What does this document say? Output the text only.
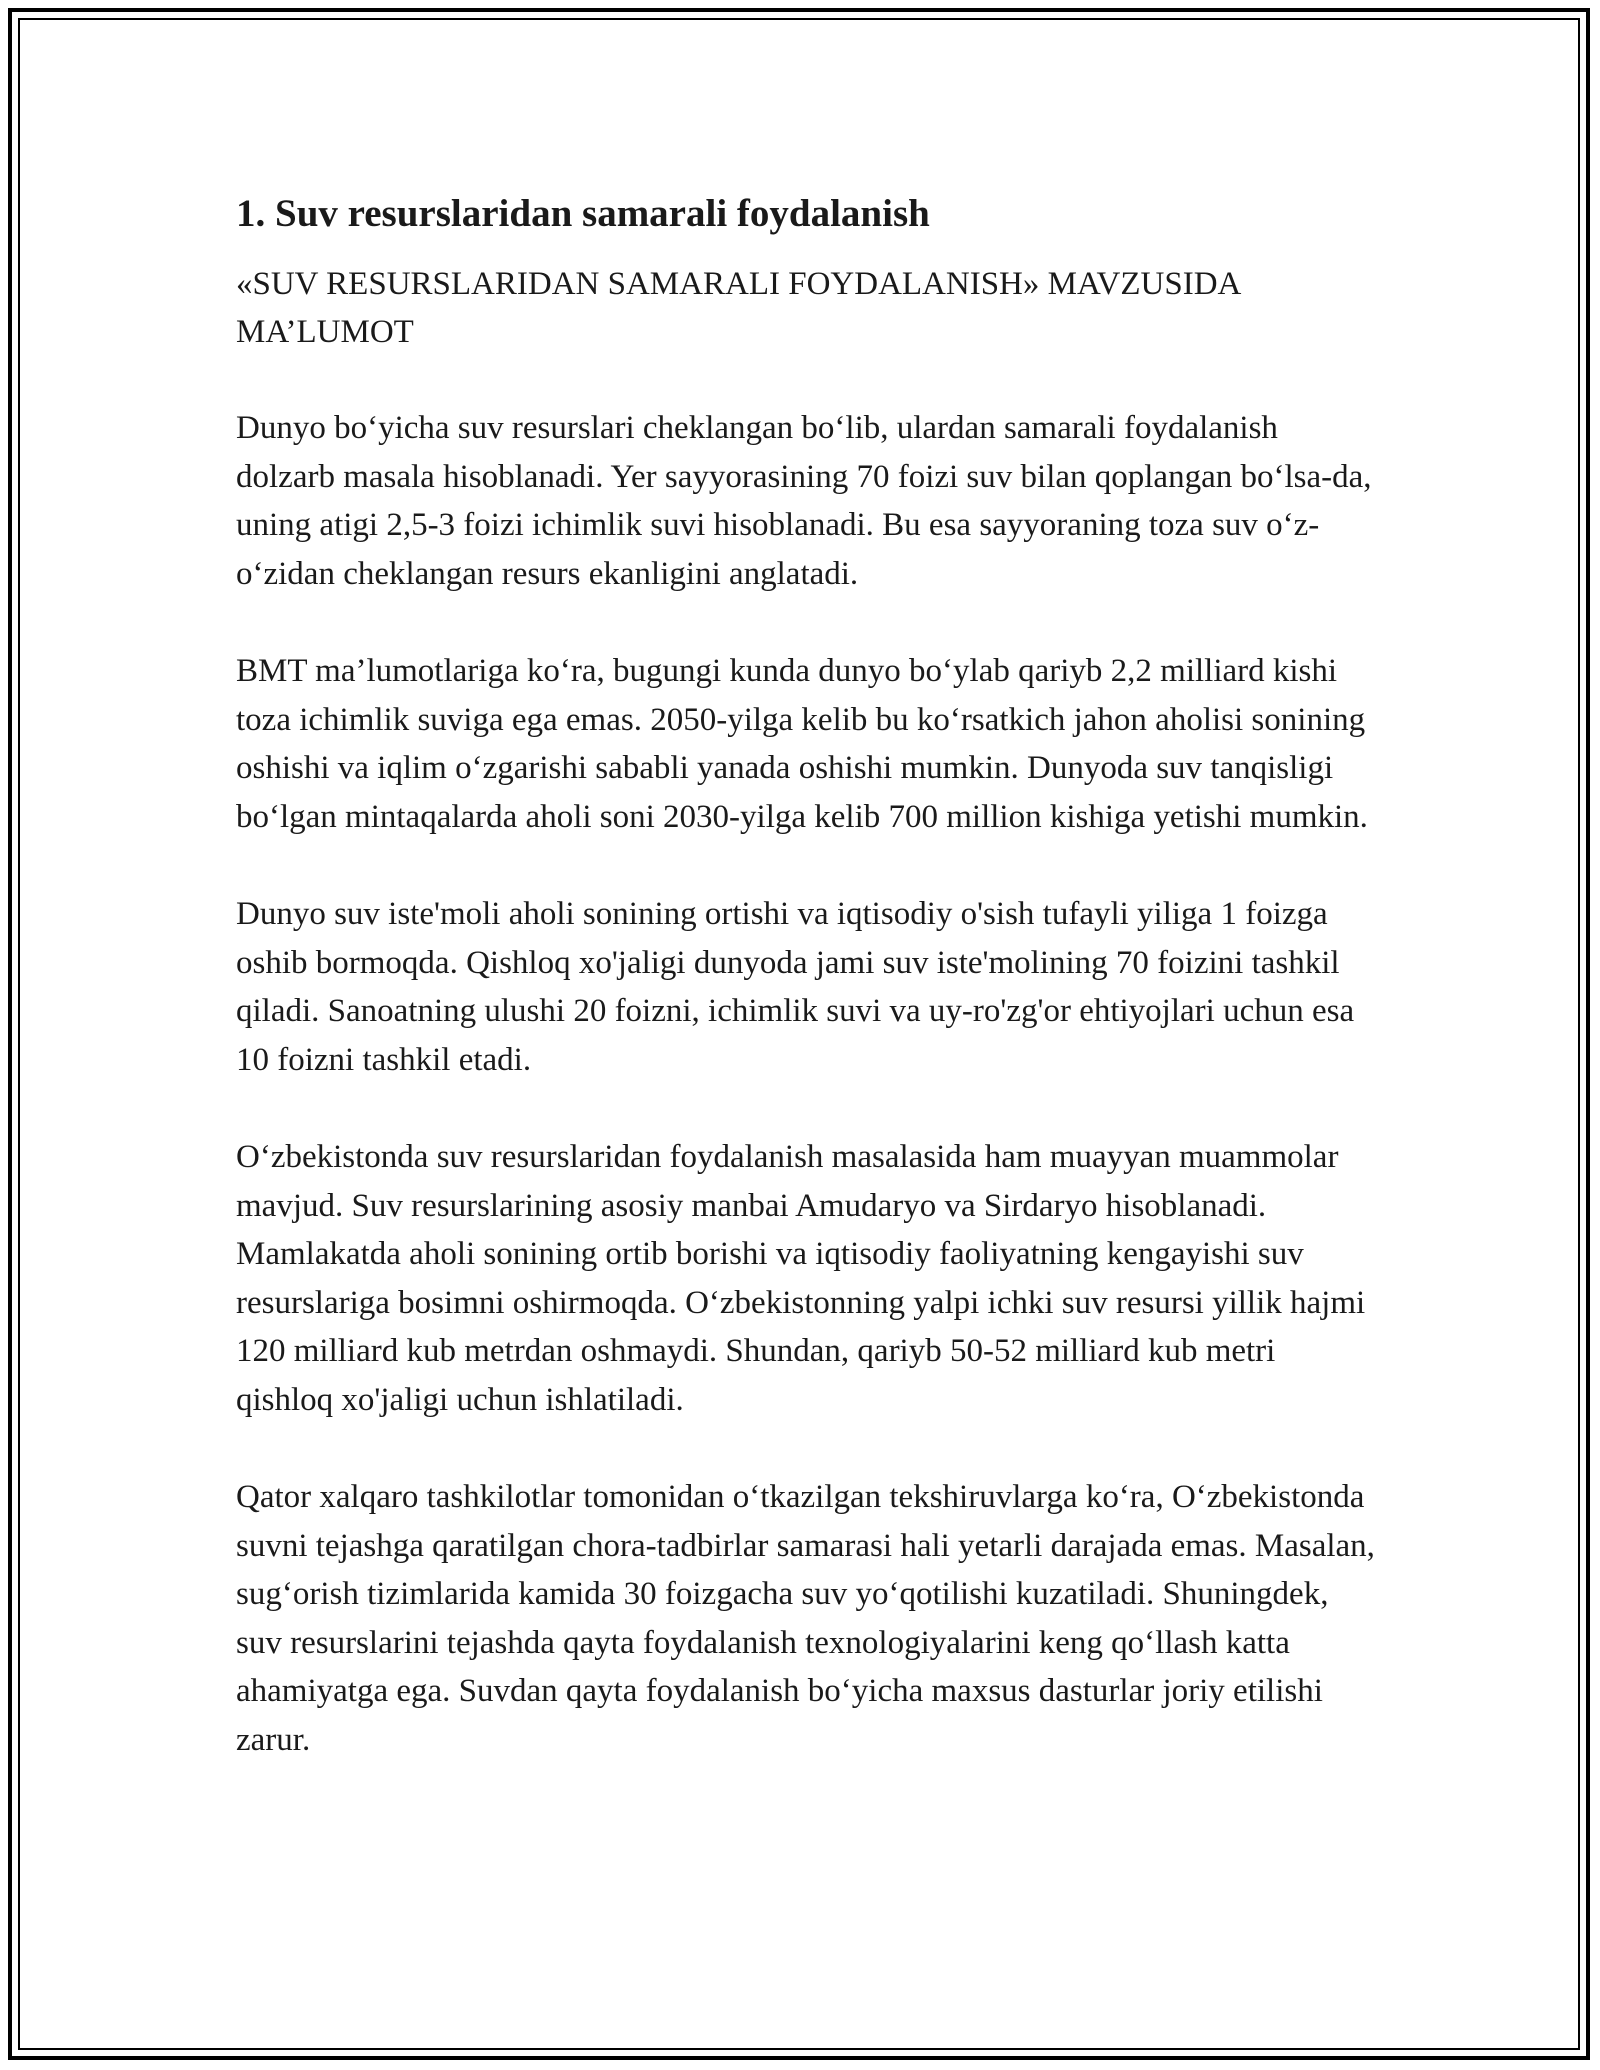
1. Suv resurslaridan samarali foydalanish

«SUV RESURSLARIDAN SAMARALI FOYDALANISH» MAVZUSIDA MA’LUMOT

Dunyo bo‘yicha suv resurslari cheklangan bo‘lib, ulardan samarali foydalanish dolzarb masala hisoblanadi. Yer sayyorasining 70 foizi suv bilan qoplangan bo‘lsa-da, uning atigi 2,5-3 foizi ichimlik suvi hisoblanadi. Bu esa sayyoraning toza suv o‘z-o‘zidan cheklangan resurs ekanligini anglatadi.

BMT ma’lumotlariga ko‘ra, bugungi kunda dunyo bo‘ylab qariyb 2,2 milliard kishi toza ichimlik suviga ega emas. 2050-yilga kelib bu ko‘rsatkich jahon aholisi sonining oshishi va iqlim o‘zgarishi sababli yanada oshishi mumkin. Dunyoda suv tanqisligi bo‘lgan mintaqalarda aholi soni 2030-yilga kelib 700 million kishiga yetishi mumkin.

Dunyo suv iste'moli aholi sonining ortishi va iqtisodiy o'sish tufayli yiliga 1 foizga oshib bormoqda. Qishloq xo'jaligi dunyoda jami suv iste'molining 70 foizini tashkil qiladi. Sanoatning ulushi 20 foizni, ichimlik suvi va uy-ro'zg'or ehtiyojlari uchun esa 10 foizni tashkil etadi.

O‘zbekistonda suv resurslaridan foydalanish masalasida ham muayyan muammolar mavjud. Suv resurslarining asosiy manbai Amudaryo va Sirdaryo hisoblanadi. Mamlakatda aholi sonining ortib borishi va iqtisodiy faoliyatning kengayishi suv resurslariga bosimni oshirmoqda. O‘zbekistonning yalpi ichki suv resursi yillik hajmi 120 milliard kub metrdan oshmaydi. Shundan, qariyb 50-52 milliard kub metri qishloq xo'jaligi uchun ishlatiladi.

Qator xalqaro tashkilotlar tomonidan o‘tkazilgan tekshiruvlarga ko‘ra, O‘zbekistonda suvni tejashga qaratilgan chora-tadbirlar samarasi hali yetarli darajada emas. Masalan, sug‘orish tizimlarida kamida 30 foizgacha suv yo‘qotilishi kuzatiladi. Shuningdek, suv resurslarini tejashda qayta foydalanish texnologiyalarini keng qo‘llash katta ahamiyatga ega. Suvdan qayta foydalanish bo‘yicha maxsus dasturlar joriy etilishi zarur.
